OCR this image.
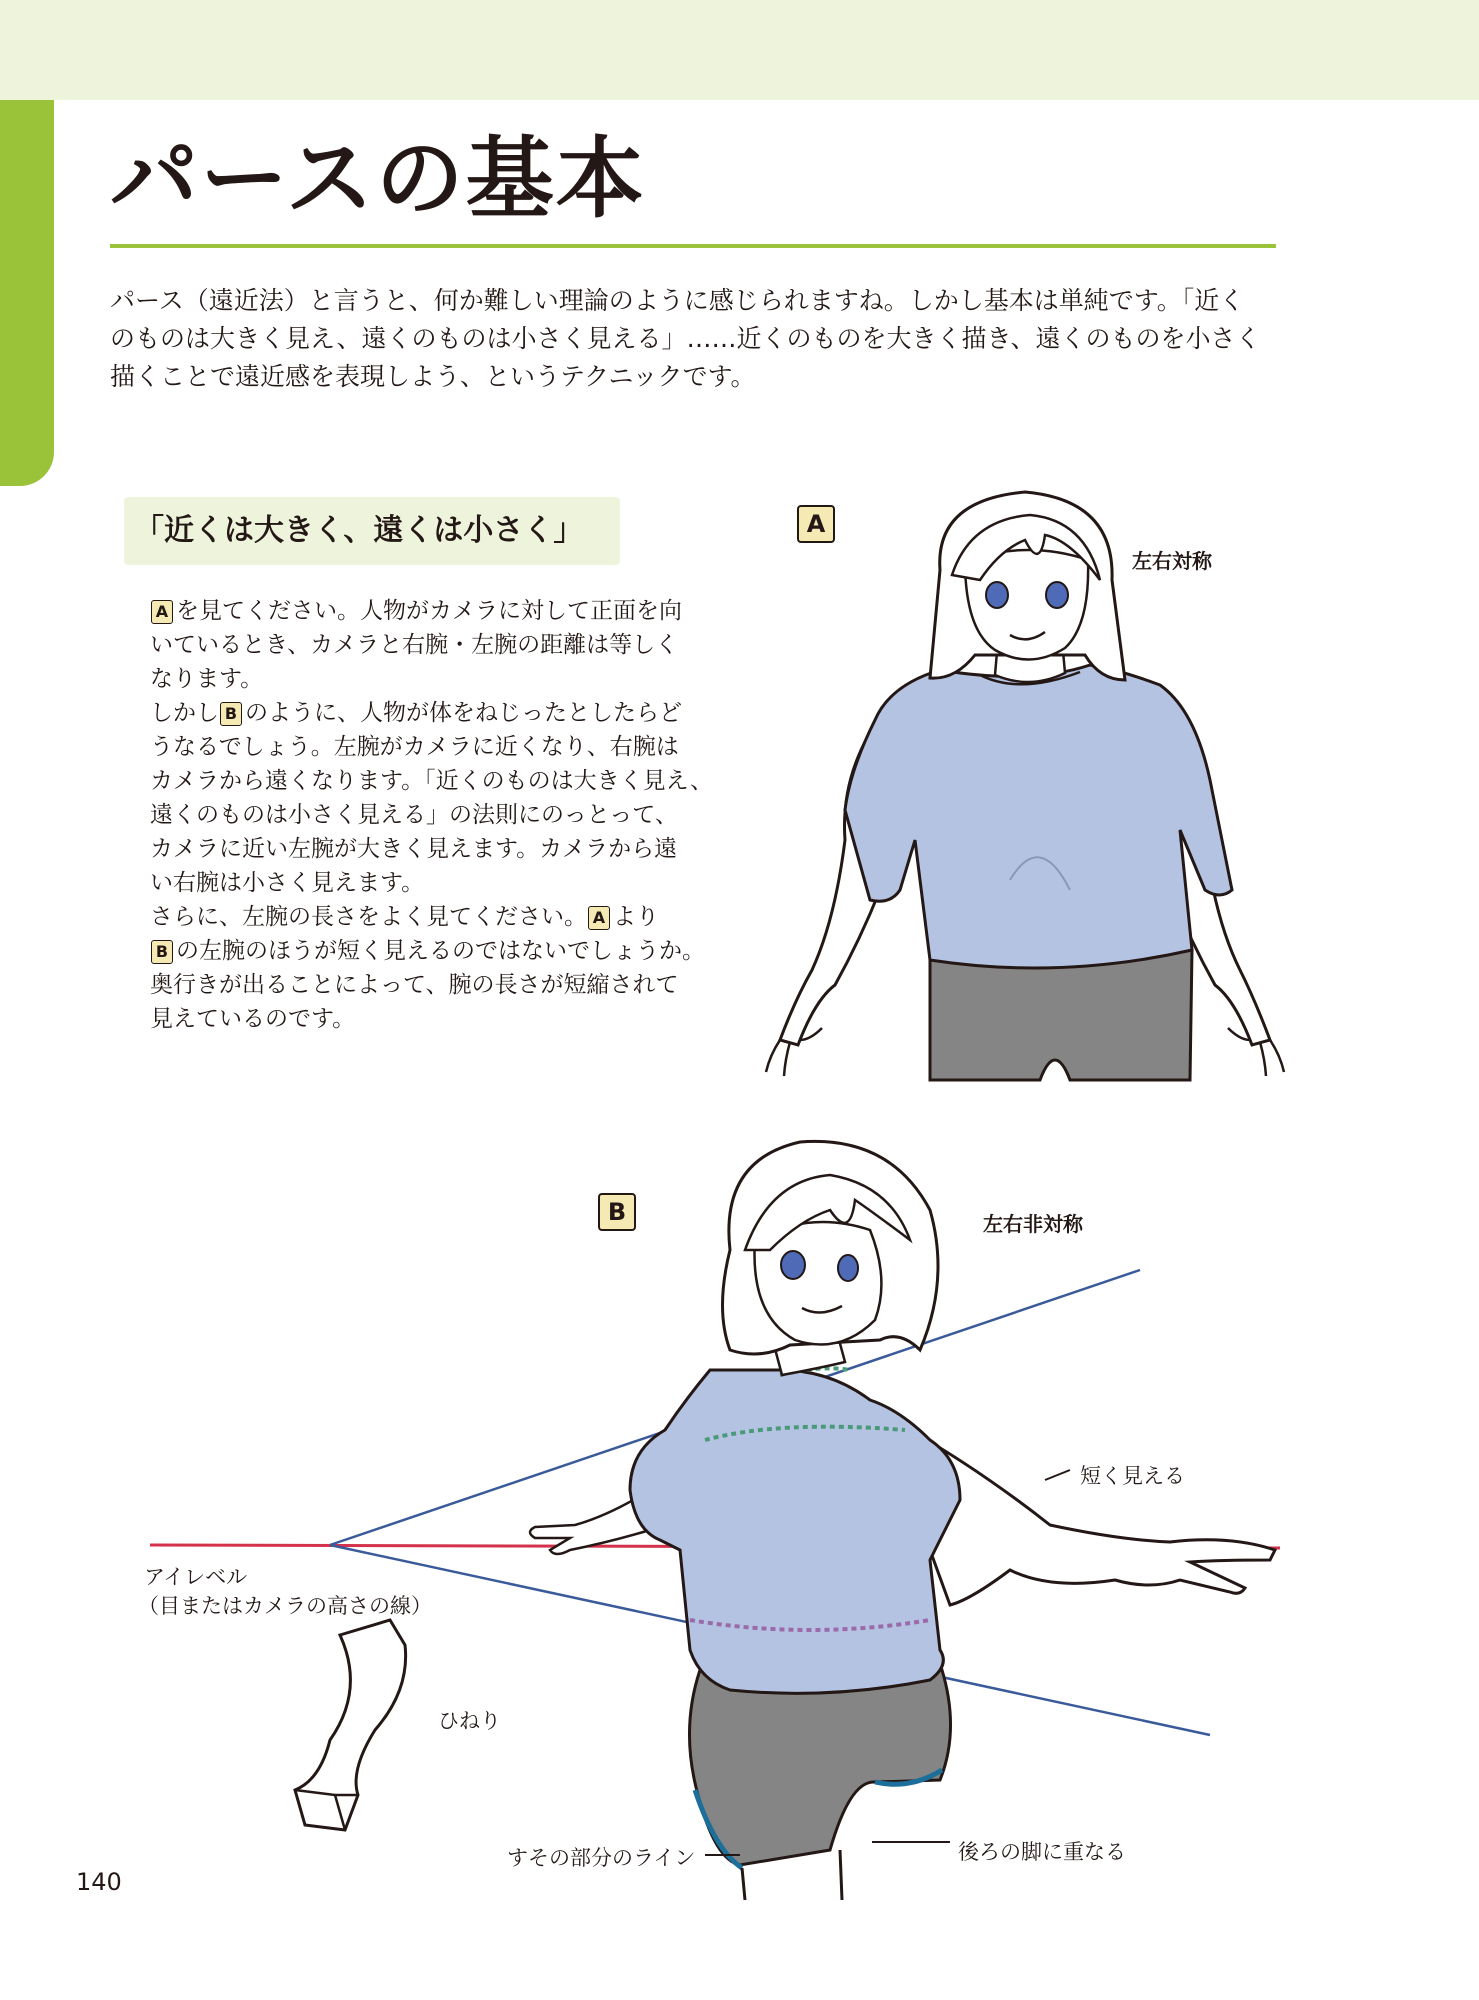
パースの基本

パース（遠近法）と言うと、何か難しい理論のように感じられますね。しかし基本は単純です。「近く
のものは大きく見え、遠くのものは小さく見える」……近くのものを大きく描き、遠くのものを小さく
描くことで遠近感を表現しよう、というテクニックです。

「近くは大きく、遠くは小さく」
A を見てください。人物がカメラに対して正面を向
いているとき、カメラと右腕・左腕の距離は等しく
なります。
しかし B のように、人物が体をねじったとしたらど
うなるでしょう。左腕がカメラに近くなり、右腕は
カメラから遠くなります。「近くのものは大きく見え、
遠くのものは小さく見える」の法則にのっとって、
カメラに近い左腕が大きく見えます。カメラから遠
い右腕は小さく見えます。
さらに、左腕の長さをよく見てください。 A より
B の左腕のほうが短く見えるのではないでしょうか。
奥行きが出ることによって、腕の長さが短縮されて
見えているのです。
A
左右対称
B	左右非対称
短く見える
アイレベル
（目またはカメラの高さの線）
ひねり
すその部分のライン	後ろの脚に重なる
140
